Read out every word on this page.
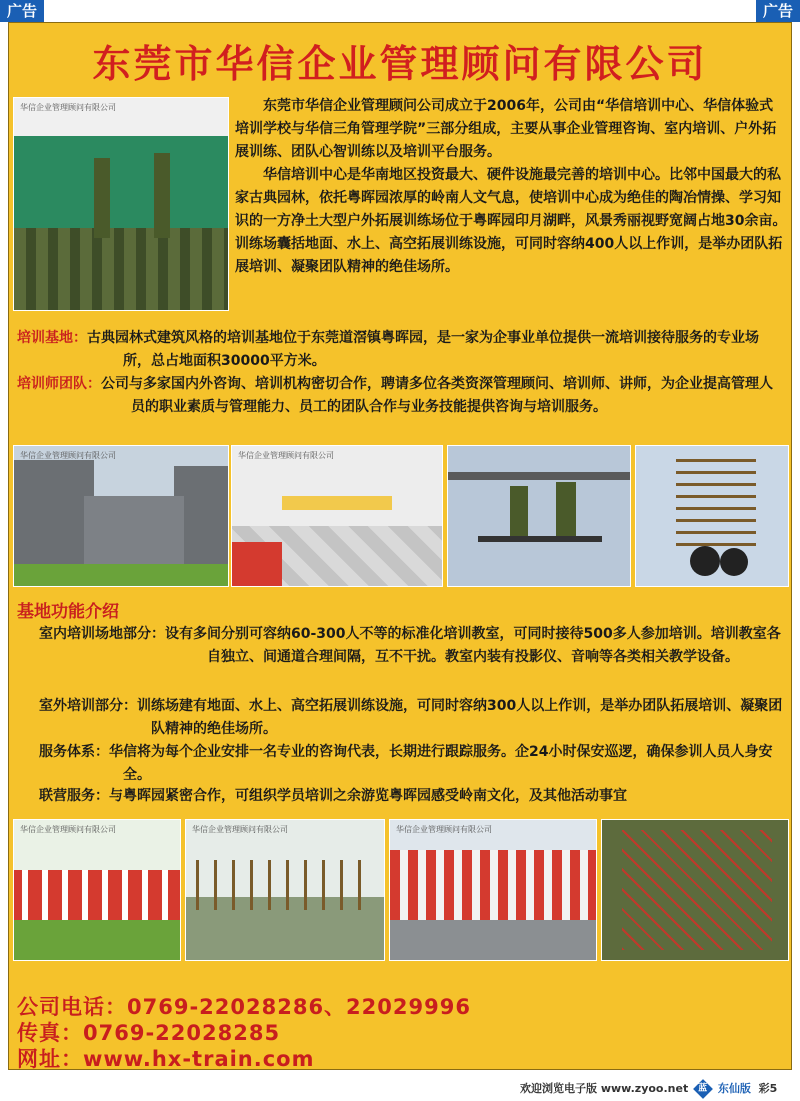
广告	广告
东莞市华信企业管理顾问有限公司
华信企业管理顾问有限公司	东莞市华信企业管理顾问公司成立于2006年，公司由“华信培训中心、华信体验式培训学校与华信三角管理学院”三部分组成，主要从事企业管理咨询、室内培训、户外拓展训练、团队心智训练以及培训平台服务。

华信培训中心是华南地区投资最大、硬件设施最完善的培训中心。比邻中国最大的私家古典园林，依托粤晖园浓厚的岭南人文气息，使培训中心成为绝佳的陶冶情操、学习知识的一方净土大型户外拓展训练场位于粤晖园印月湖畔，风景秀丽视野宽阔占地30余亩。训练场囊括地面、水上、高空拓展训练设施，可同时容纳400人以上作训，是举办团队拓展培训、凝聚团队精神的绝佳场所。

培训基地：古典园林式建筑风格的培训基地位于东莞道滘镇粤晖园，是一家为企事业单位提供一流培训接待服务的专业场所，总占地面积30000平方米。
培训师团队：公司与多家国内外咨询、培训机构密切合作，聘请多位各类资深管理顾问、培训师、讲师，为企业提高管理人员的职业素质与管理能力、员工的团队合作与业务技能提供咨询与培训服务。
华信企业管理顾问有限公司	华信企业管理顾问有限公司
基地功能介绍
室内培训场地部分：设有多间分别可容纳60-300人不等的标准化培训教室，可同时接待500多人参加培训。培训教室各自独立、间通道合理间隔，互不干扰。教室内装有投影仪、音响等各类相关教学设备。
室外培训部分：训练场建有地面、水上、高空拓展训练设施，可同时容纳300人以上作训，是举办团队拓展培训、凝聚团队精神的绝佳场所。
服务体系：华信将为每个企业安排一名专业的咨询代表，长期进行跟踪服务。企24小时保安巡逻，确保参训人员人身安全。
联营服务：与粤晖园紧密合作，可组织学员培训之余游览粤晖园感受岭南文化，及其他活动事宜
华信企业管理顾问有限公司	华信企业管理顾问有限公司	华信企业管理顾问有限公司
公司电话：0769-22028286、22029996
传真：0769-22028285
网址：www.hx-train.com
欢迎浏览电子版 www.zyoo.net 蓝 东仙版 彩5
